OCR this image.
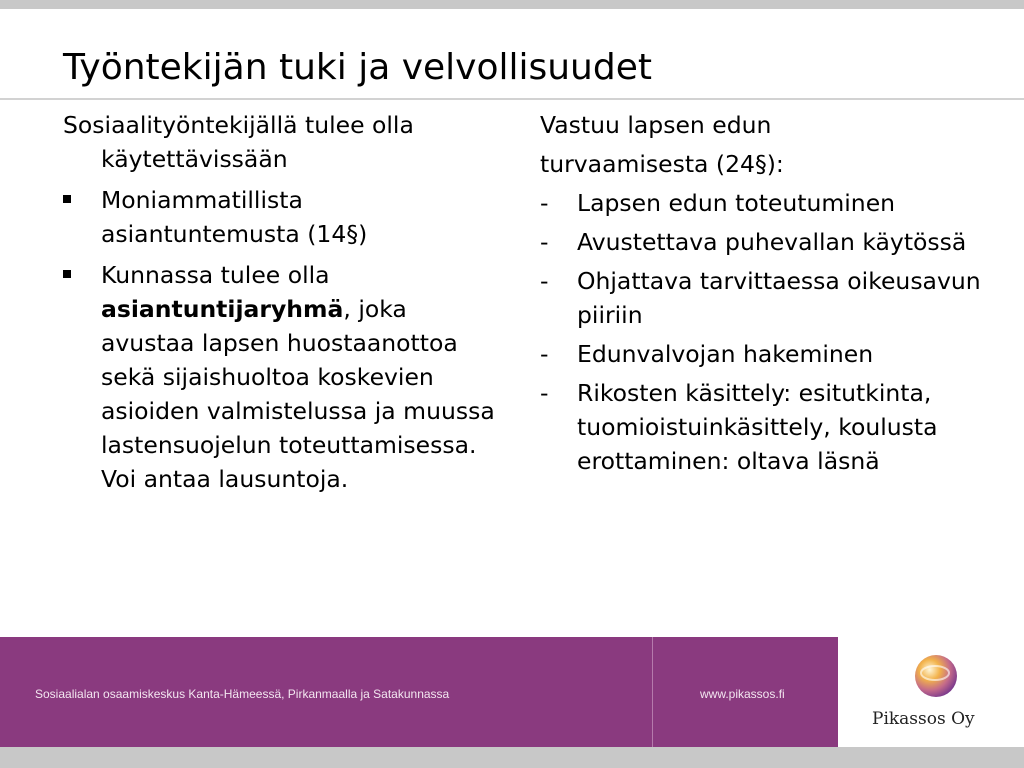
Työntekijän tuki ja velvollisuudet

Sosiaalityöntekijällä tulee olla käytettävissään

Moniammatillista asiantuntemusta (14§)

Kunnassa tulee olla asiantuntijaryhmä, joka avustaa lapsen huostaanottoa sekä sijaishuoltoa koskevien asioiden valmistelussa ja muussa lastensuojelun toteuttamisessa. Voi antaa lausuntoja.

Vastuu lapsen edun

turvaamisesta (24§):

- Lapsen edun toteutuminen
- Avustettava puhevallan käytössä
- Ohjattava tarvittaessa oikeusavun piiriin
- Edunvalvojan hakeminen
- Rikosten käsittely: esitutkinta, tuomioistuinkäsittely, koulusta erottaminen: oltava läsnä
Sosiaalialan osaamiskeskus Kanta-Hämeessä, Pirkanmaalla ja Satakunnassa	www.pikassos.fi
Pikassos Oy
